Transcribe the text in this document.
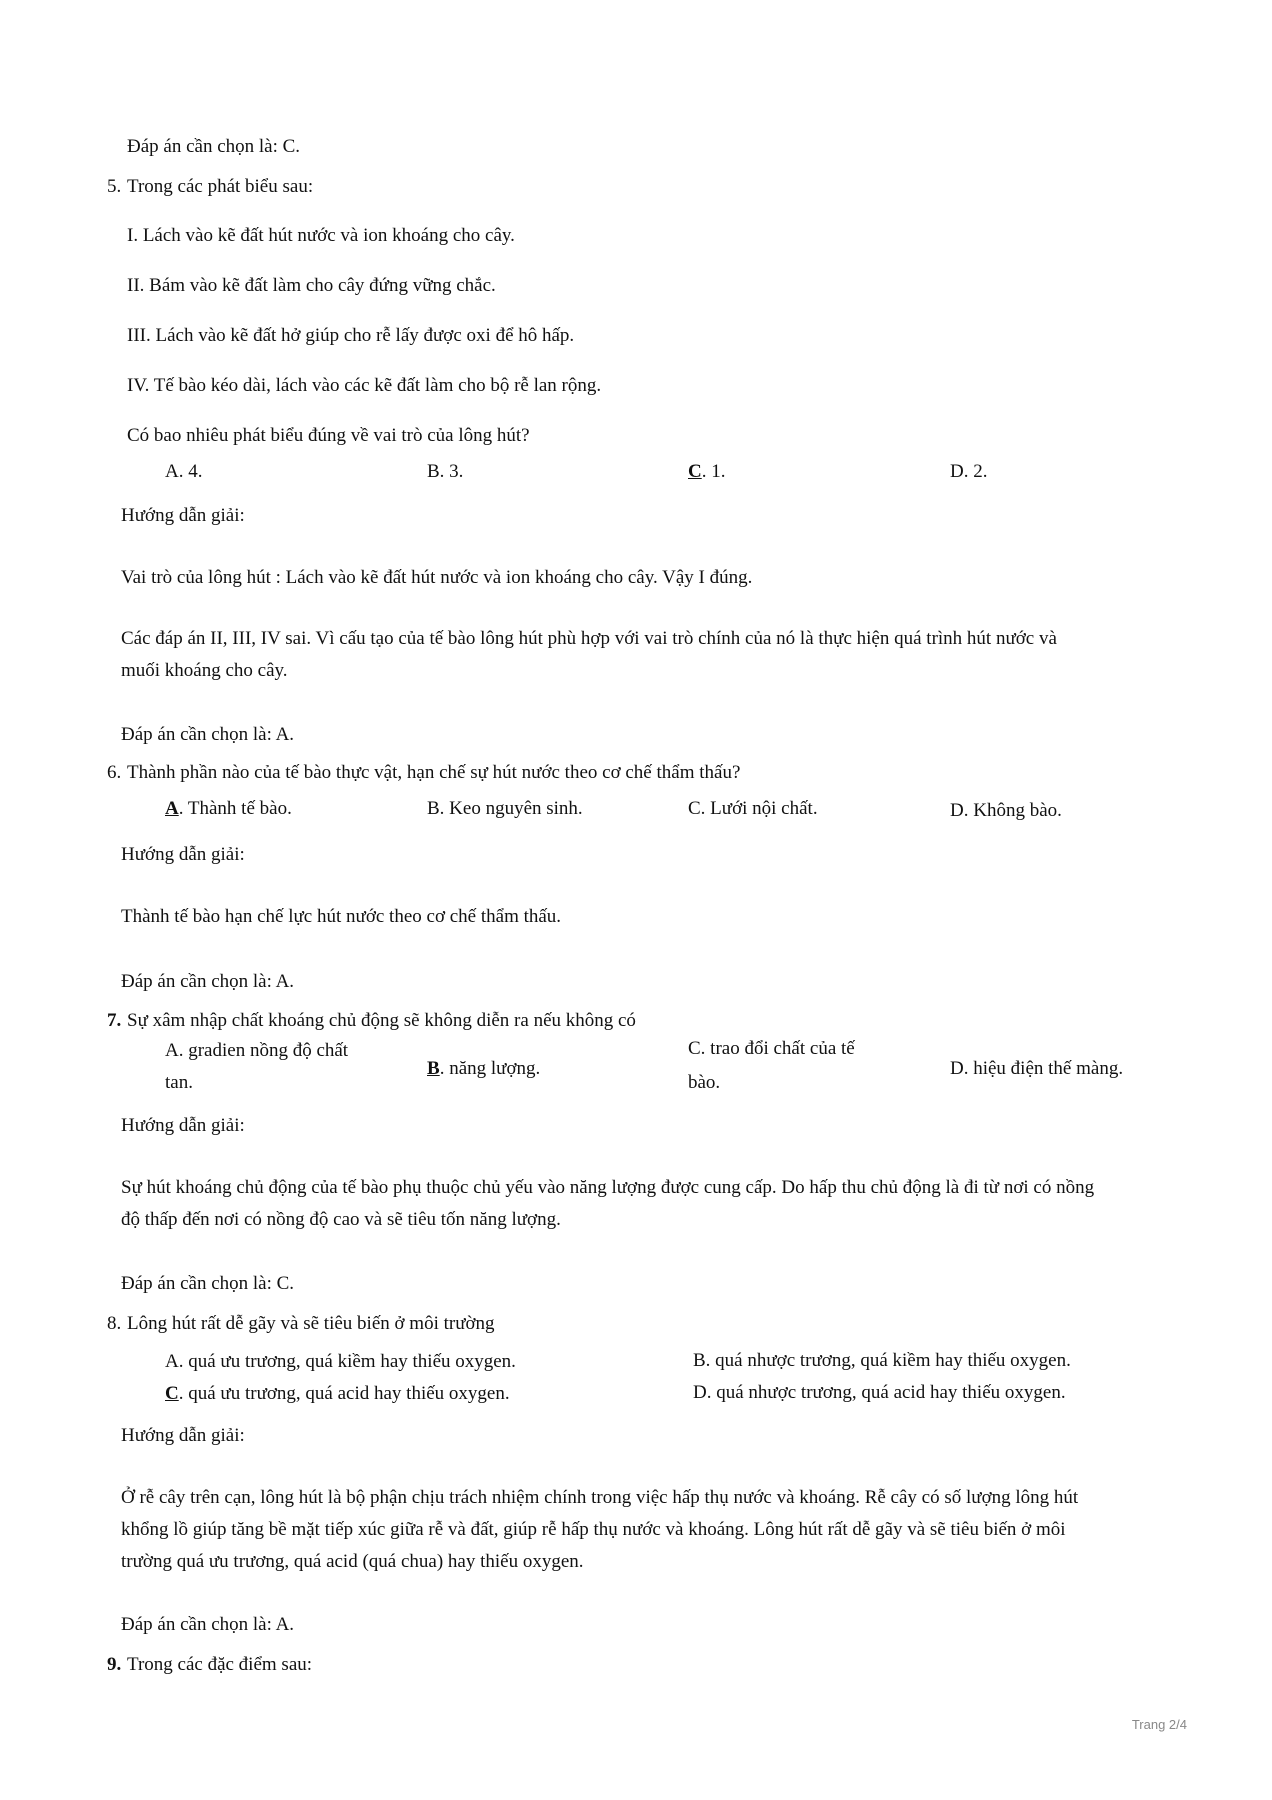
Đáp án cần chọn là: C.
5. Trong các phát biểu sau:
I. Lách vào kẽ đất hút nước và ion khoáng cho cây.
II. Bám vào kẽ đất làm cho cây đứng vững chắc.
III. Lách vào kẽ đất hở giúp cho rễ lấy được oxi để hô hấp.
IV. Tế bào kéo dài, lách vào các kẽ đất làm cho bộ rễ lan rộng.
Có bao nhiêu phát biểu đúng về vai trò của lông hút?
A. 4.	B. 3.	C. 1.	D. 2.
Hướng dẫn giải:
Vai trò của lông hút : Lách vào kẽ đất hút nước và ion khoáng cho cây. Vậy I đúng.
Các đáp án II, III, IV sai. Vì cấu tạo của tế bào lông hút phù hợp với vai trò chính của nó là thực hiện quá trình hút nước và
muối khoáng cho cây.
Đáp án cần chọn là: A.
6. Thành phần nào của tế bào thực vật, hạn chế sự hút nước theo cơ chế thẩm thấu?
A. Thành tế bào.	B. Keo nguyên sinh.	C. Lưới nội chất.	D. Không bào.
Hướng dẫn giải:
Thành tế bào hạn chế lực hút nước theo cơ chế thẩm thấu.
Đáp án cần chọn là: A.
7. Sự xâm nhập chất khoáng chủ động sẽ không diễn ra nếu không có
A. gradien nồng độ chất
tan.
B. năng lượng.
C. trao đổi chất của tế
bào.
D. hiệu điện thế màng.
Hướng dẫn giải:
Sự hút khoáng chủ động của tế bào phụ thuộc chủ yếu vào năng lượng được cung cấp. Do hấp thu chủ động là đi từ nơi có nồng
độ thấp đến nơi có nồng độ cao và sẽ tiêu tốn năng lượng.
Đáp án cần chọn là: C.
8. Lông hút rất dễ gãy và sẽ tiêu biến ở môi trường
A. quá ưu trương, quá kiềm hay thiếu oxygen.	B. quá nhược trương, quá kiềm hay thiếu oxygen.
C. quá ưu trương, quá acid hay thiếu oxygen.	D. quá nhược trương, quá acid hay thiếu oxygen.
Hướng dẫn giải:
Ở rễ cây trên cạn, lông hút là bộ phận chịu trách nhiệm chính trong việc hấp thụ nước và khoáng. Rễ cây có số lượng lông hút
khổng lồ giúp tăng bề mặt tiếp xúc giữa rễ và đất, giúp rễ hấp thụ nước và khoáng. Lông hút rất dễ gãy và sẽ tiêu biến ở môi
trường quá ưu trương, quá acid (quá chua) hay thiếu oxygen.
Đáp án cần chọn là: A.
9. Trong các đặc điểm sau:
Trang 2/4
